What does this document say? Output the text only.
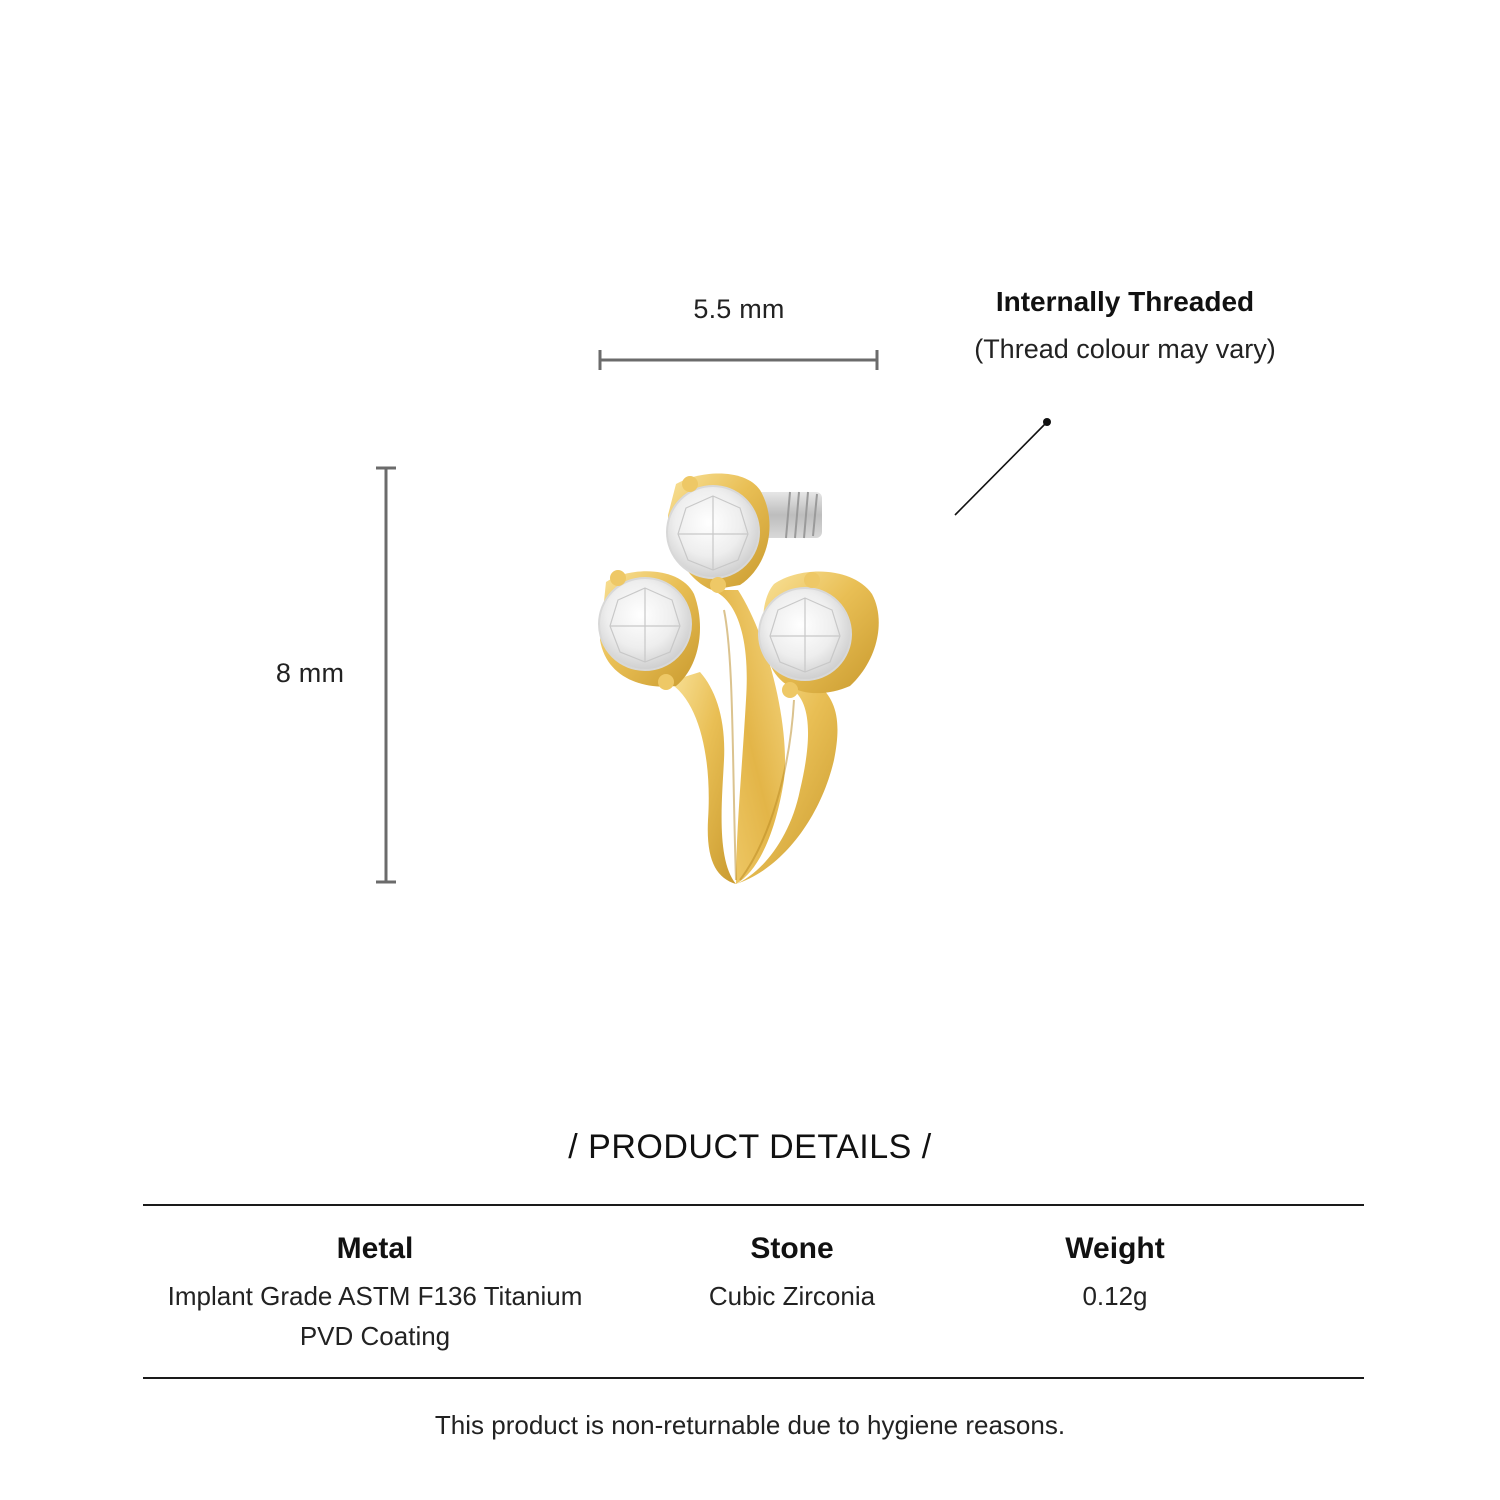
5.5 mm
8 mm
Internally Threaded
(Thread colour may vary)
/ PRODUCT DETAILS /
Metal
Implant Grade ASTM F136 Titanium
PVD Coating
Stone
Cubic Zirconia
Weight
0.12g
This product is non-returnable due to hygiene reasons.
